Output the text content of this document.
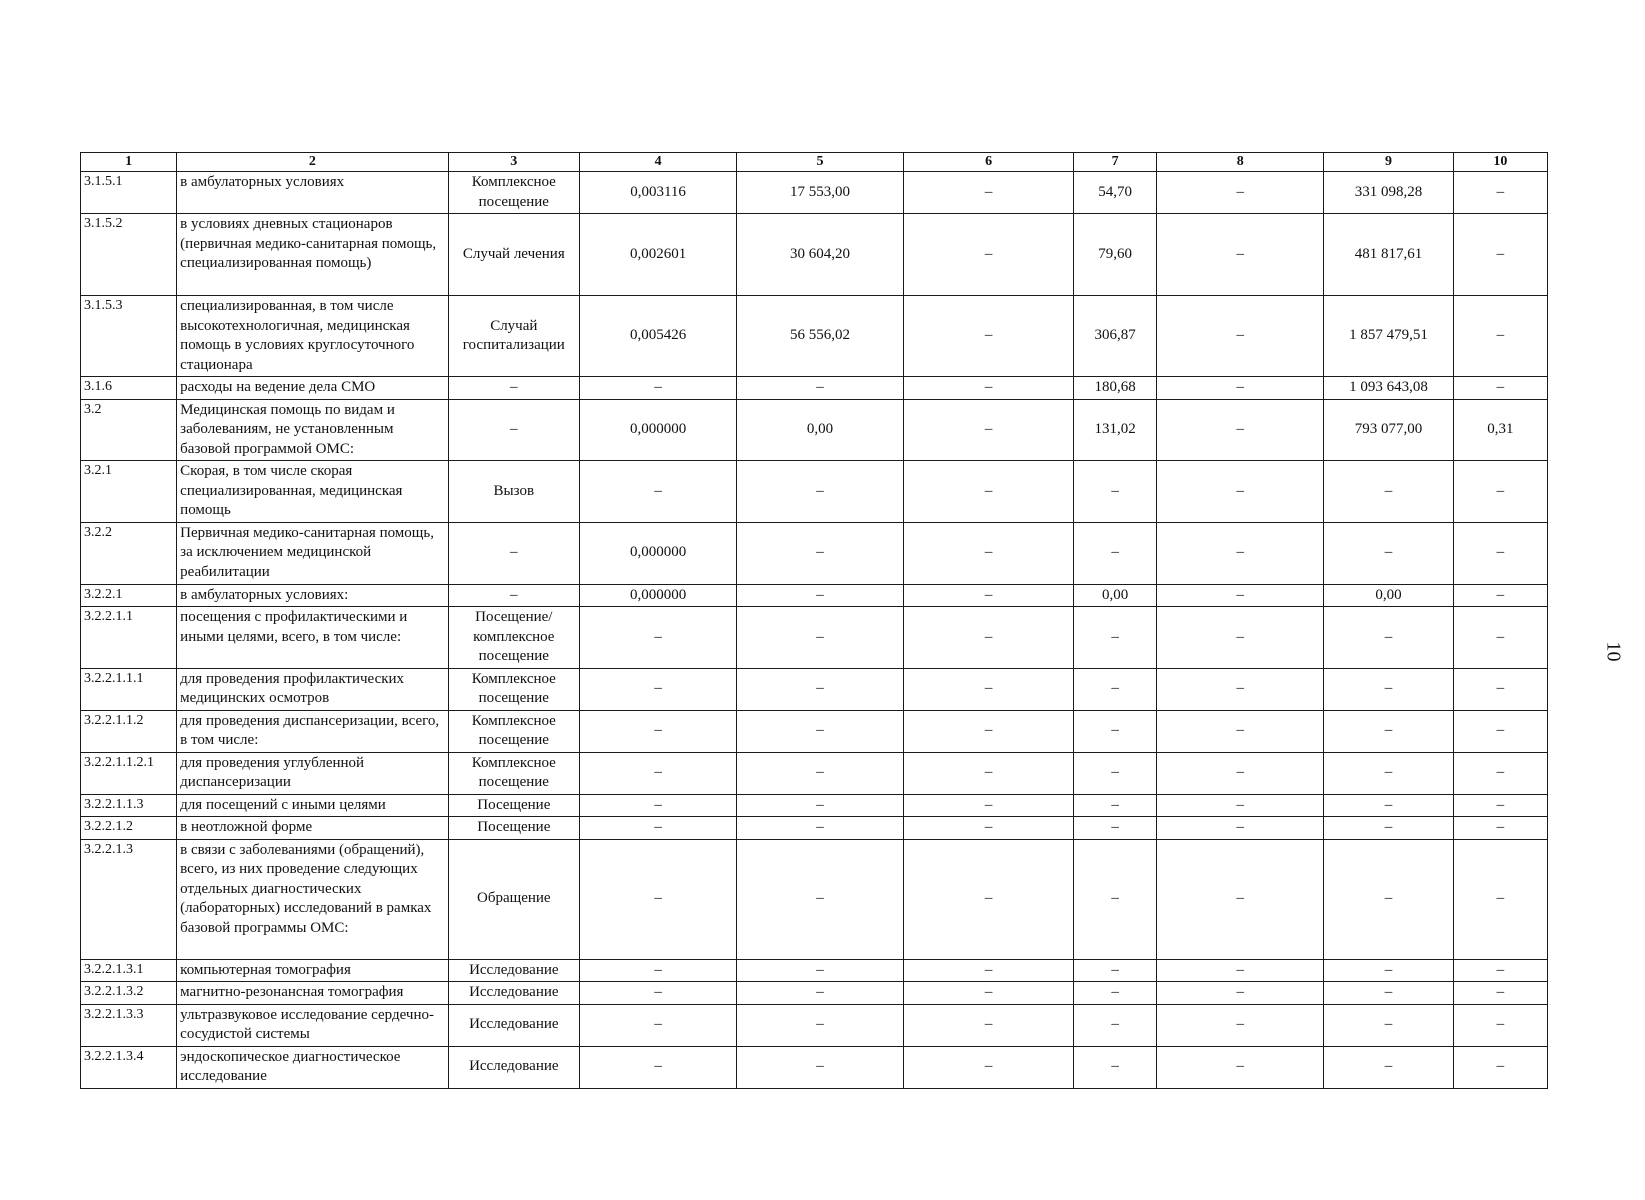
1	2	3	4	5	6	7	8	9	10
3.1.5.1	в амбулаторных условиях	Комплексное посещение	0,003116	17 553,00	–	54,70	–	331 098,28	–
3.1.5.2	в условиях дневных стационаров (первичная медико-санитарная помощь, специализированная помощь)	Случай лечения	0,002601	30 604,20	–	79,60	–	481 817,61	–
3.1.5.3	специализированная, в том числе высокотехнологичная, медицинская помощь в условиях круглосуточного стационара	Случай госпитализации	0,005426	56 556,02	–	306,87	–	1 857 479,51	–
3.1.6	расходы на ведение дела СМО	–	–	–	–	180,68	–	1 093 643,08	–
3.2	Медицинская помощь по видам и заболеваниям, не установленным базовой программой ОМС:	–	0,000000	0,00	–	131,02	–	793 077,00	0,31
3.2.1	Скорая, в том числе скорая специализированная, медицинская помощь	Вызов	–	–	–	–	–	–	–
3.2.2	Первичная медико-санитарная помощь, за исключением медицинской реабилитации	–	0,000000	–	–	–	–	–	–
3.2.2.1	в амбулаторных условиях:	–	0,000000	–	–	0,00	–	0,00	–
3.2.2.1.1	посещения с профилактическими и иными целями, всего, в том числе:	Посещение/ комплексное посещение	–	–	–	–	–	–	–
3.2.2.1.1.1	для проведения профилактических медицинских осмотров	Комплексное посещение	–	–	–	–	–	–	–
3.2.2.1.1.2	для проведения диспансеризации, всего, в том числе:	Комплексное посещение	–	–	–	–	–	–	–
3.2.2.1.1.2.1	для проведения углубленной диспансеризации	Комплексное посещение	–	–	–	–	–	–	–
3.2.2.1.1.3	для посещений с иными целями	Посещение	–	–	–	–	–	–	–
3.2.2.1.2	в неотложной форме	Посещение	–	–	–	–	–	–	–
3.2.2.1.3	в связи с заболеваниями (обращений), всего, из них проведение следующих отдельных диагностических (лабораторных) исследований в рамках базовой программы ОМС:	Обращение	–	–	–	–	–	–	–
3.2.2.1.3.1	компьютерная томография	Исследование	–	–	–	–	–	–	–
3.2.2.1.3.2	магнитно-резонансная томография	Исследование	–	–	–	–	–	–	–
3.2.2.1.3.3	ультразвуковое исследование сердечно-сосудистой системы	Исследование	–	–	–	–	–	–	–
3.2.2.1.3.4	эндоскопическое диагностическое исследование	Исследование	–	–	–	–	–	–	–
10
